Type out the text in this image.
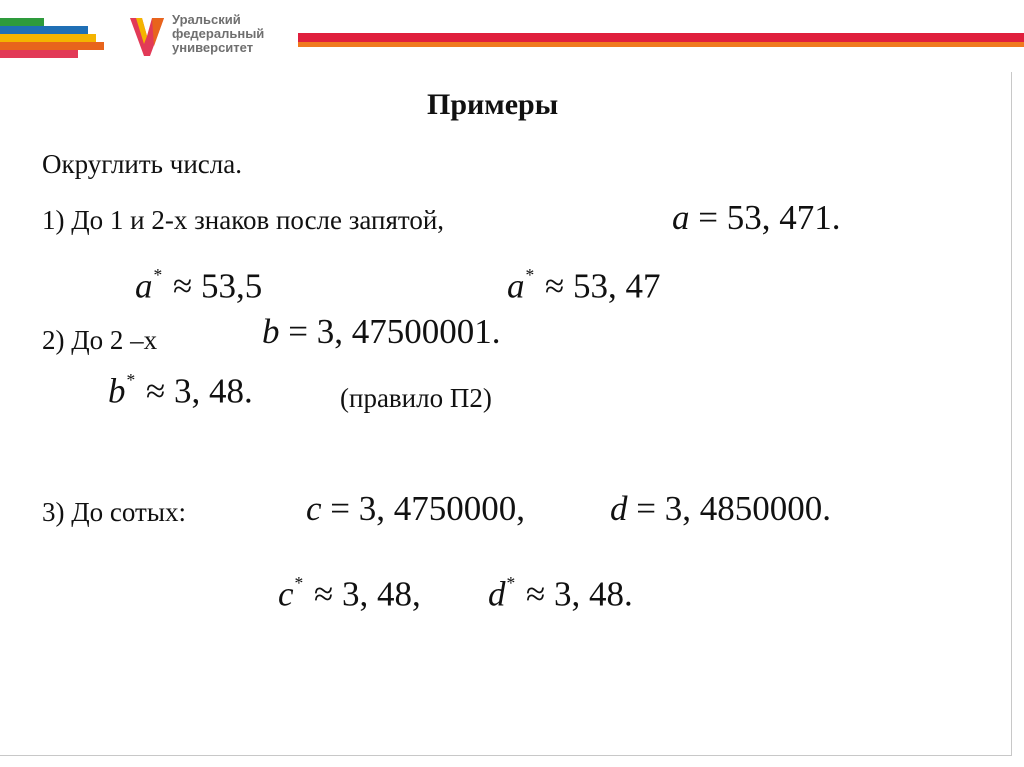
Уральский
федеральный
университет
Примеры
Округлить числа.
1) До 1 и 2-х знаков после запятой,	a = 53, 471.
a* ≈ 53,5	a* ≈ 53, 47
2) До 2 –х	b = 3, 47500001.
b* ≈ 3, 48.	(правило П2)
3) До сотых:	c = 3, 4750000, d = 3, 4850000.
c* ≈ 3, 48, d* ≈ 3, 48.
